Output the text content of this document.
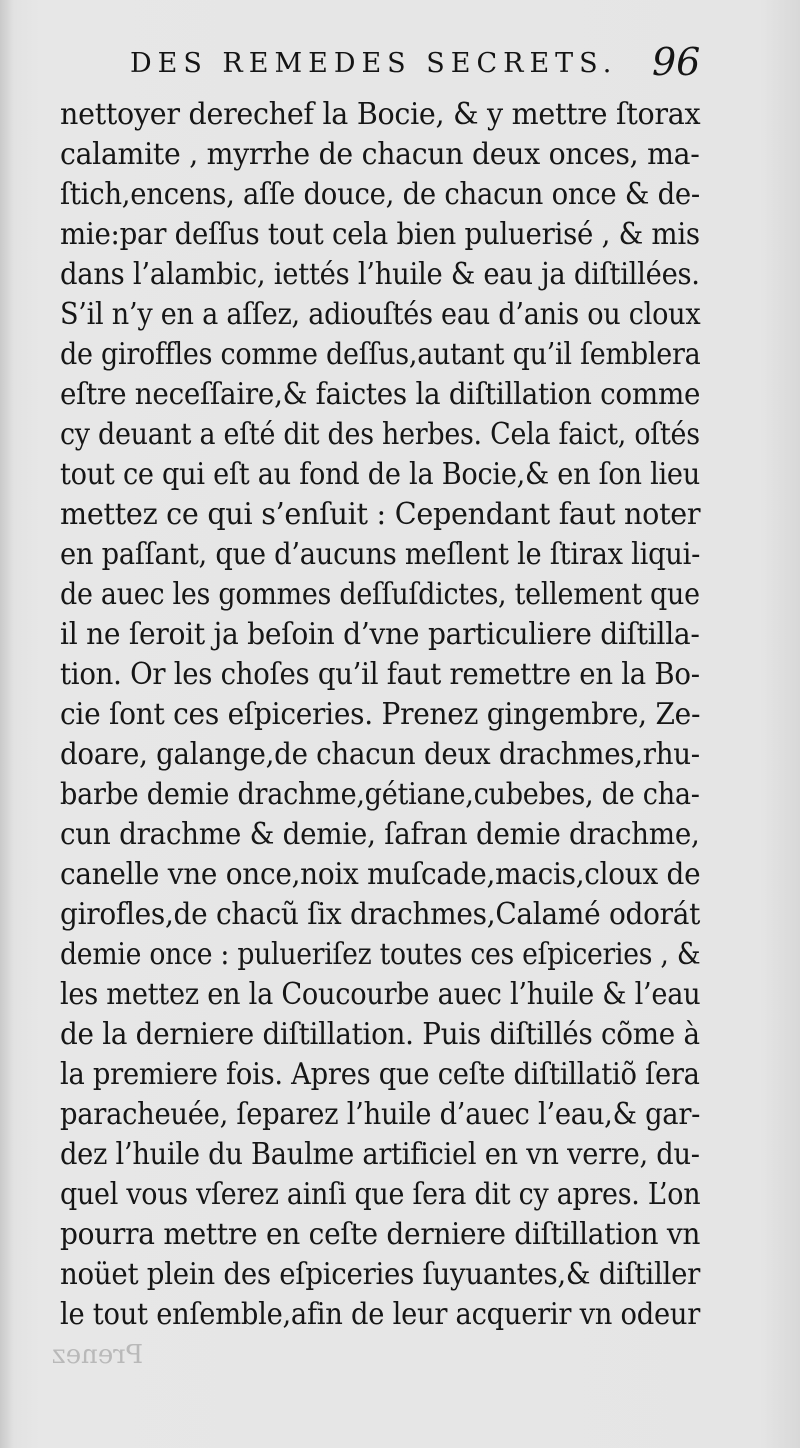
DES REMEDES SECRETS. 96
nettoyer derechef la Bocie, & y mettre ſtorax
calamite , myrrhe de chacun deux onces, ma-
ſtich,encens, aſſe douce, de chacun once & de-
mie:par deſſus tout cela bien puluerisé , & mis
dans l’alambic, iettés l’huile & eau ja diſtillées.
S’il n’y en a aſſez, adiouſtés eau d’anis ou cloux
de giroffles comme deſſus,autant qu’il ſemblera
eſtre neceſſaire,& faictes la diſtillation comme
cy deuant a eſté dit des herbes. Cela faict, oſtés
tout ce qui eſt au fond de la Bocie,& en ſon lieu
mettez ce qui s’enſuit : Cependant faut noter
en paſſant, que d’aucuns meſlent le ſtirax liqui-
de auec les gommes deſſuſdictes, tellement que
il ne ſeroit ja beſoin d’vne particuliere diſtilla-
tion. Or les choſes qu’il faut remettre en la Bo-
cie ſont ces eſpiceries. Prenez gingembre, Ze-
doare, galange,de chacun deux drachmes,rhu-
barbe demie drachme,gétiane,cubebes, de cha-
cun drachme & demie, ſafran demie drachme,
canelle vne once,noix muſcade,macis,cloux de
girofles,de chacũ ſix drachmes,Calamé odorát
demie once : pulueriſez toutes ces eſpiceries , &
les mettez en la Coucourbe auec l’huile & l’eau
de la derniere diſtillation. Puis diſtillés cõme à
la premiere fois. Apres que ceſte diſtillatiõ ſera
paracheuée, ſeparez l’huile d’auec l’eau,& gar-
dez l’huile du Baulme artificiel en vn verre, du-
quel vous vſerez ainſi que ſera dit cy apres. L’on
pourra mettre en ceſte derniere diſtillation vn
noüet plein des eſpiceries ſuyuantes,& diſtiller
le tout enſemble,afin de leur acquerir vn odeur
Prenez
